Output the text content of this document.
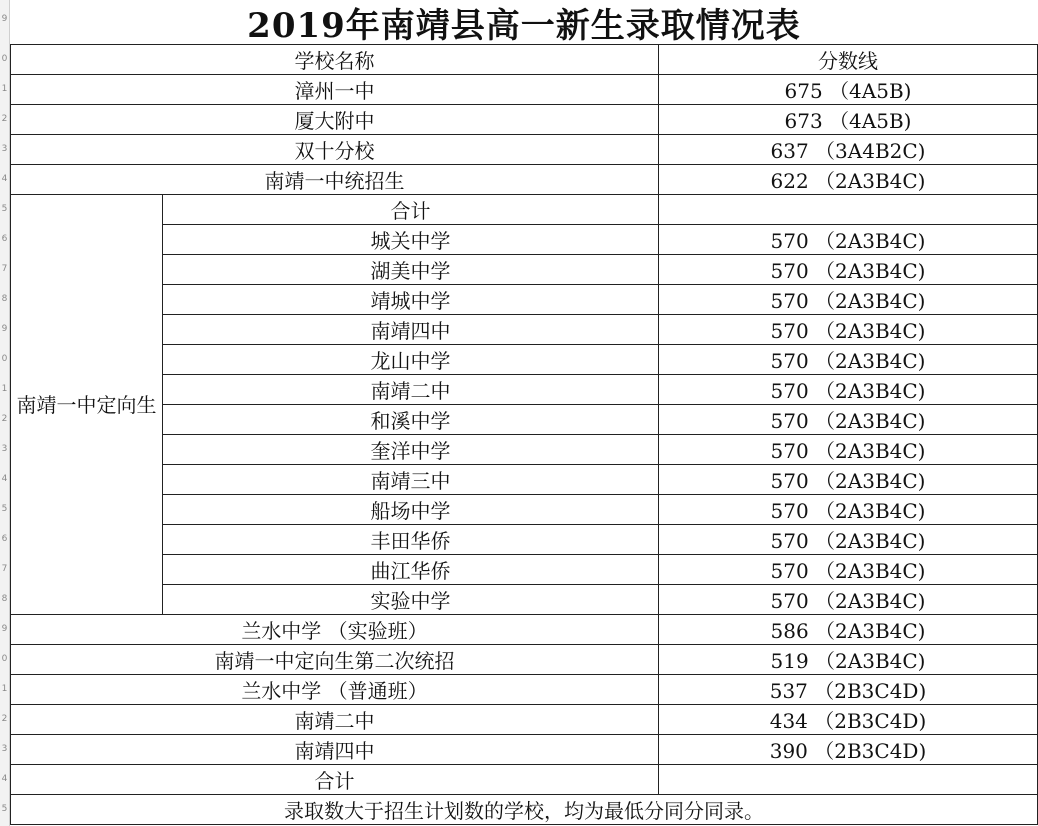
9
0
1
2
3
4
5
6
7
8
9
0
1
2
3
4
5
6
7
8
9
0
1
2
3
4
5
2019年南靖县高一新生录取情况表
学校名称		分数线
漳州一中		675 （4A5B)
厦大附中		673 （4A5B)
双十分校		637 （3A4B2C)
南靖一中统招生		622 （2A3B4C)
南靖一中定向生	合计	
	城关中学	570 （2A3B4C)
	湖美中学	570 （2A3B4C)
	靖城中学	570 （2A3B4C)
	南靖四中	570 （2A3B4C)
	龙山中学	570 （2A3B4C)
	南靖二中	570 （2A3B4C)
	和溪中学	570 （2A3B4C)
	奎洋中学	570 （2A3B4C)
	南靖三中	570 （2A3B4C)
	船场中学	570 （2A3B4C)
	丰田华侨	570 （2A3B4C)
	曲江华侨	570 （2A3B4C)
	实验中学	570 （2A3B4C)
兰水中学 （实验班）		586 （2A3B4C)
南靖一中定向生第二次统招		519 （2A3B4C)
兰水中学 （普通班）		537 （2B3C4D)
南靖二中		434 （2B3C4D)
南靖四中		390 （2B3C4D)
合计		
录取数大于招生计划数的学校，均为最低分同分同录。		
